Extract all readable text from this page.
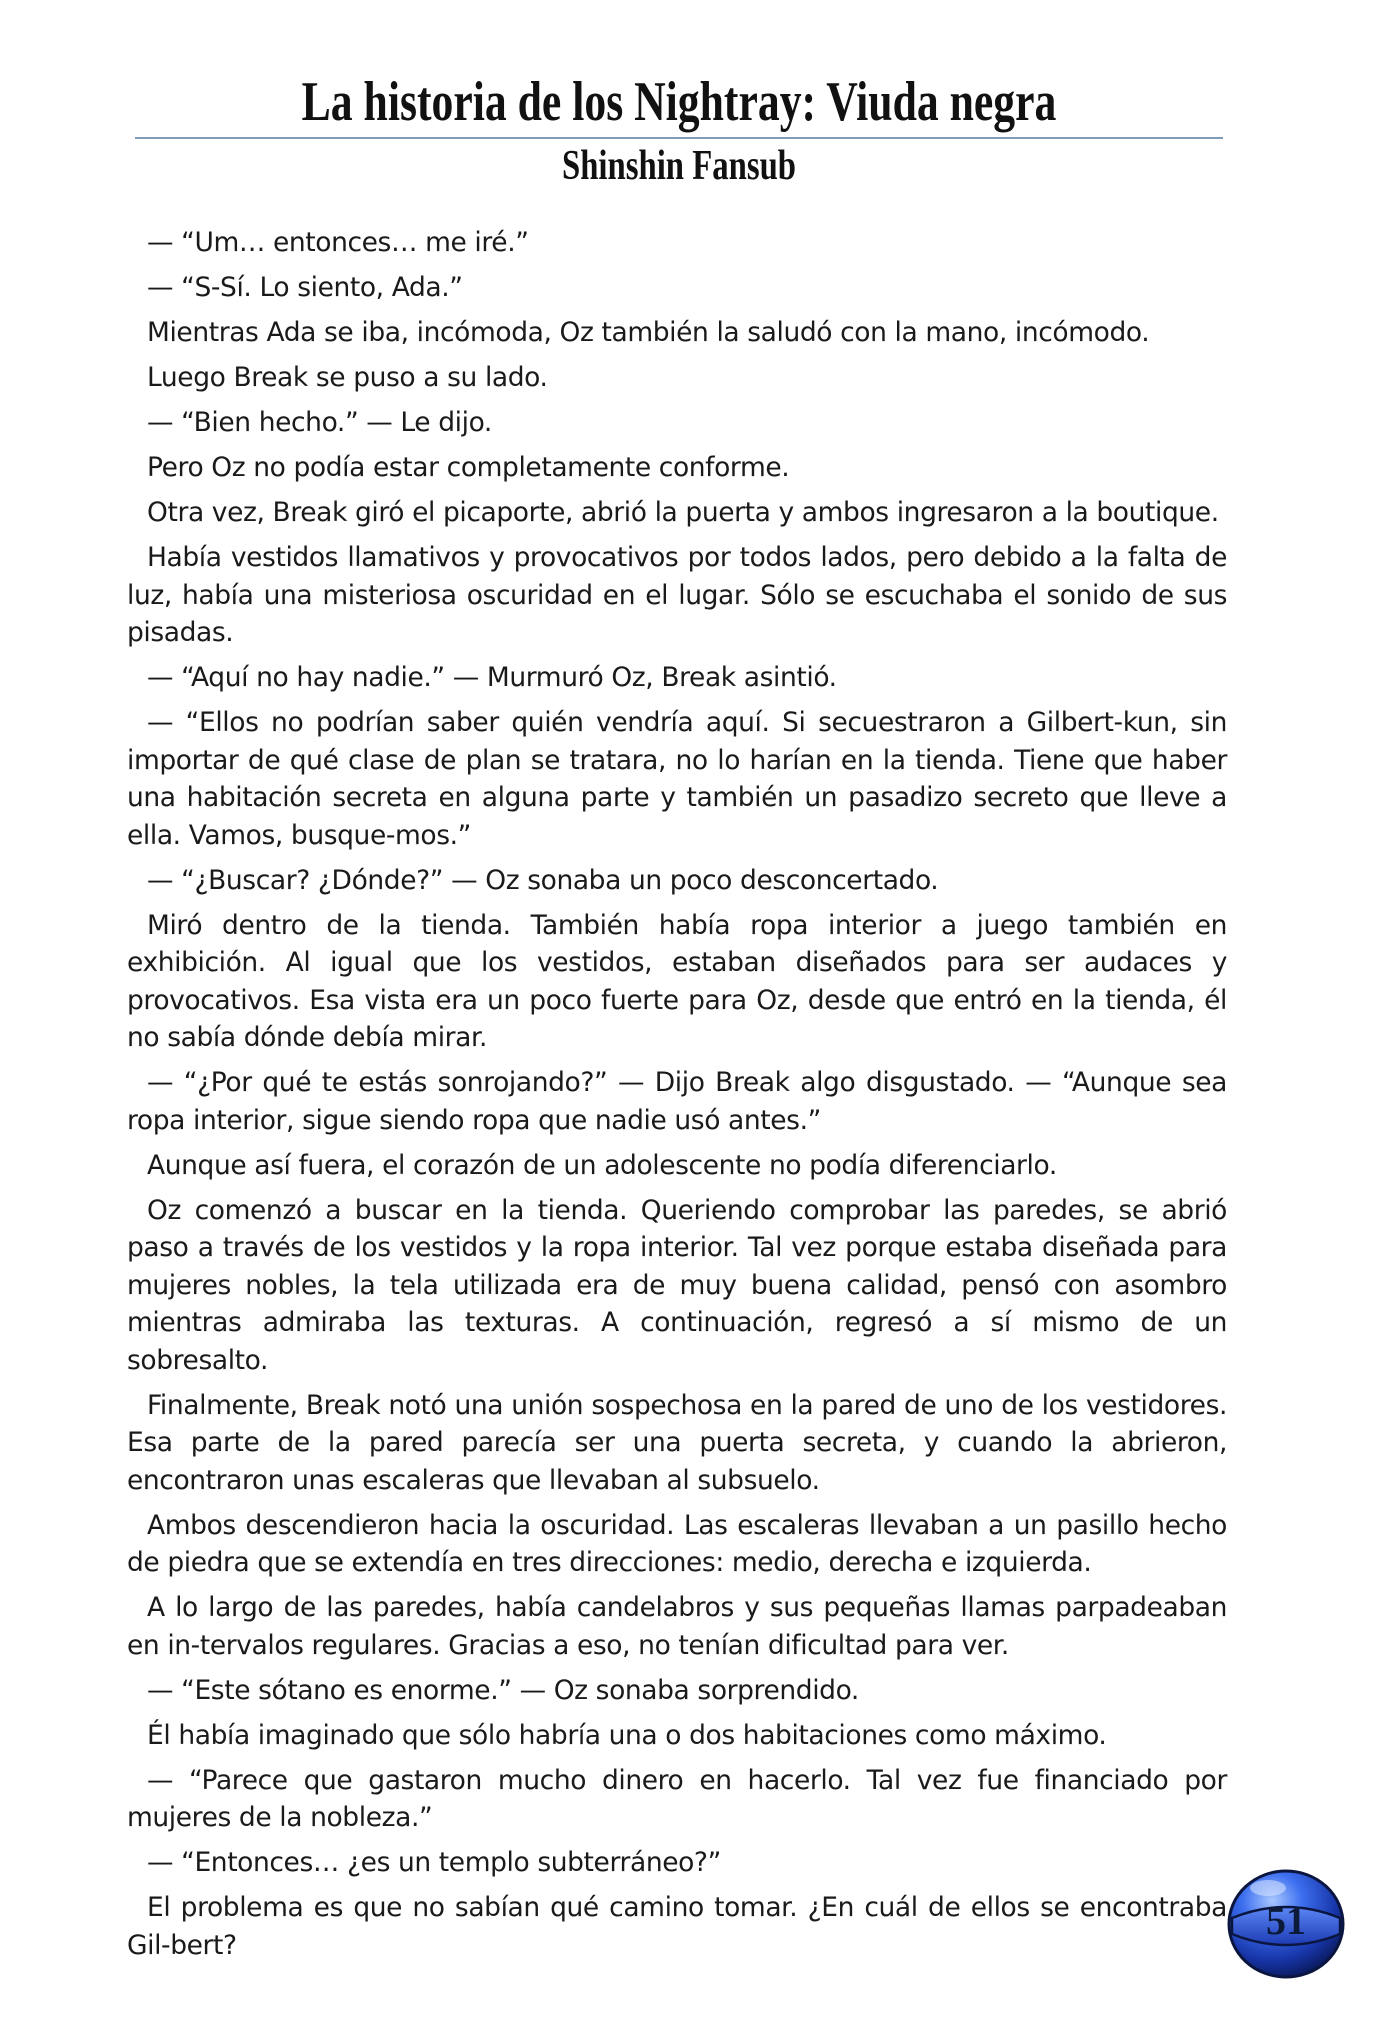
La historia de los Nightray: Viuda negra
Shinshin Fansub

— “Um… entonces… me iré.”

— “S-Sí. Lo siento, Ada.”

Mientras Ada se iba, incómoda, Oz también la saludó con la mano, incómodo.

Luego Break se puso a su lado.

— “Bien hecho.” — Le dijo.

Pero Oz no podía estar completamente conforme.

Otra vez, Break giró el picaporte, abrió la puerta y ambos ingresaron a la boutique.

Había vestidos llamativos y provocativos por todos lados, pero debido a la falta de luz, había una misteriosa oscuridad en el lugar. Sólo se escuchaba el sonido de sus pisadas.

— “Aquí no hay nadie.” — Murmuró Oz, Break asintió.

— “Ellos no podrían saber quién vendría aquí. Si secuestraron a Gilbert-kun, sin importar de qué clase de plan se tratara, no lo harían en la tienda. Tiene que haber una habitación secreta en alguna parte y también un pasadizo secreto que lleve a ella. Vamos, busque-mos.”

— “¿Buscar? ¿Dónde?” — Oz sonaba un poco desconcertado.

Miró dentro de la tienda. También había ropa interior a juego también en exhibición. Al igual que los vestidos, estaban diseñados para ser audaces y provocativos. Esa vista era un poco fuerte para Oz, desde que entró en la tienda, él no sabía dónde debía mirar.

— “¿Por qué te estás sonrojando?” — Dijo Break algo disgustado. — “Aunque sea ropa interior, sigue siendo ropa que nadie usó antes.”

Aunque así fuera, el corazón de un adolescente no podía diferenciarlo.

Oz comenzó a buscar en la tienda. Queriendo comprobar las paredes, se abrió paso a través de los vestidos y la ropa interior. Tal vez porque estaba diseñada para mujeres nobles, la tela utilizada era de muy buena calidad, pensó con asombro mientras admiraba las texturas. A continuación, regresó a sí mismo de un sobresalto.

Finalmente, Break notó una unión sospechosa en la pared de uno de los vestidores. Esa parte de la pared parecía ser una puerta secreta, y cuando la abrieron, encontraron unas escaleras que llevaban al subsuelo.

Ambos descendieron hacia la oscuridad. Las escaleras llevaban a un pasillo hecho de piedra que se extendía en tres direcciones: medio, derecha e izquierda.

A lo largo de las paredes, había candelabros y sus pequeñas llamas parpadeaban en in-tervalos regulares. Gracias a eso, no tenían dificultad para ver.

— “Este sótano es enorme.” — Oz sonaba sorprendido.

Él había imaginado que sólo habría una o dos habitaciones como máximo.

— “Parece que gastaron mucho dinero en hacerlo. Tal vez fue financiado por mujeres de la nobleza.”

— “Entonces… ¿es un templo subterráneo?”

El problema es que no sabían qué camino tomar. ¿En cuál de ellos se encontraba Gil-bert?

51
